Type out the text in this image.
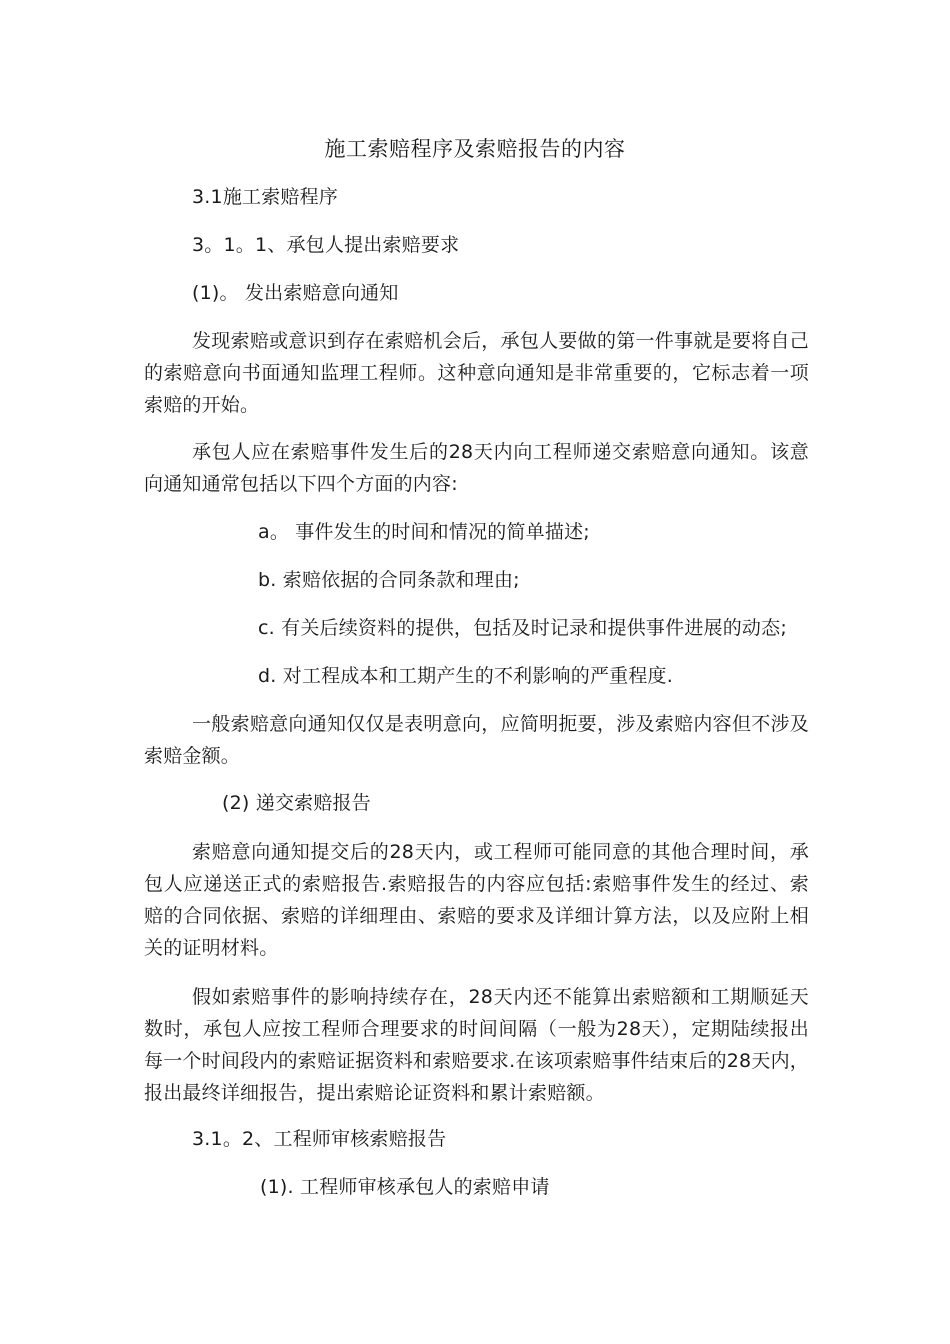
施工索赔程序及索赔报告的内容
3.1施工索赔程序
3。1。1、承包人提出索赔要求
(1)。 发出索赔意向通知
发现索赔或意识到存在索赔机会后，承包人要做的第一件事就是要将自己的索赔意向书面通知监理工程师。这种意向通知是非常重要的，它标志着一项索赔的开始。
承包人应在索赔事件发生后的28天内向工程师递交索赔意向通知。该意向通知通常包括以下四个方面的内容:
a。 事件发生的时间和情况的简单描述;
b. 索赔依据的合同条款和理由;
c. 有关后续资料的提供，包括及时记录和提供事件进展的动态;
d. 对工程成本和工期产生的不利影响的严重程度.
一般索赔意向通知仅仅是表明意向，应简明扼要，涉及索赔内容但不涉及索赔金额。
(2) 递交索赔报告
索赔意向通知提交后的28天内，或工程师可能同意的其他合理时间，承包人应递送正式的索赔报告.索赔报告的内容应包括:索赔事件发生的经过、索赔的合同依据、索赔的详细理由、索赔的要求及详细计算方法，以及应附上相关的证明材料。
假如索赔事件的影响持续存在，28天内还不能算出索赔额和工期顺延天数时，承包人应按工程师合理要求的时间间隔（一般为28天），定期陆续报出每一个时间段内的索赔证据资料和索赔要求.在该项索赔事件结束后的28天内，报出最终详细报告，提出索赔论证资料和累计索赔额。
3.1。2、工程师审核索赔报告
(1). 工程师审核承包人的索赔申请
